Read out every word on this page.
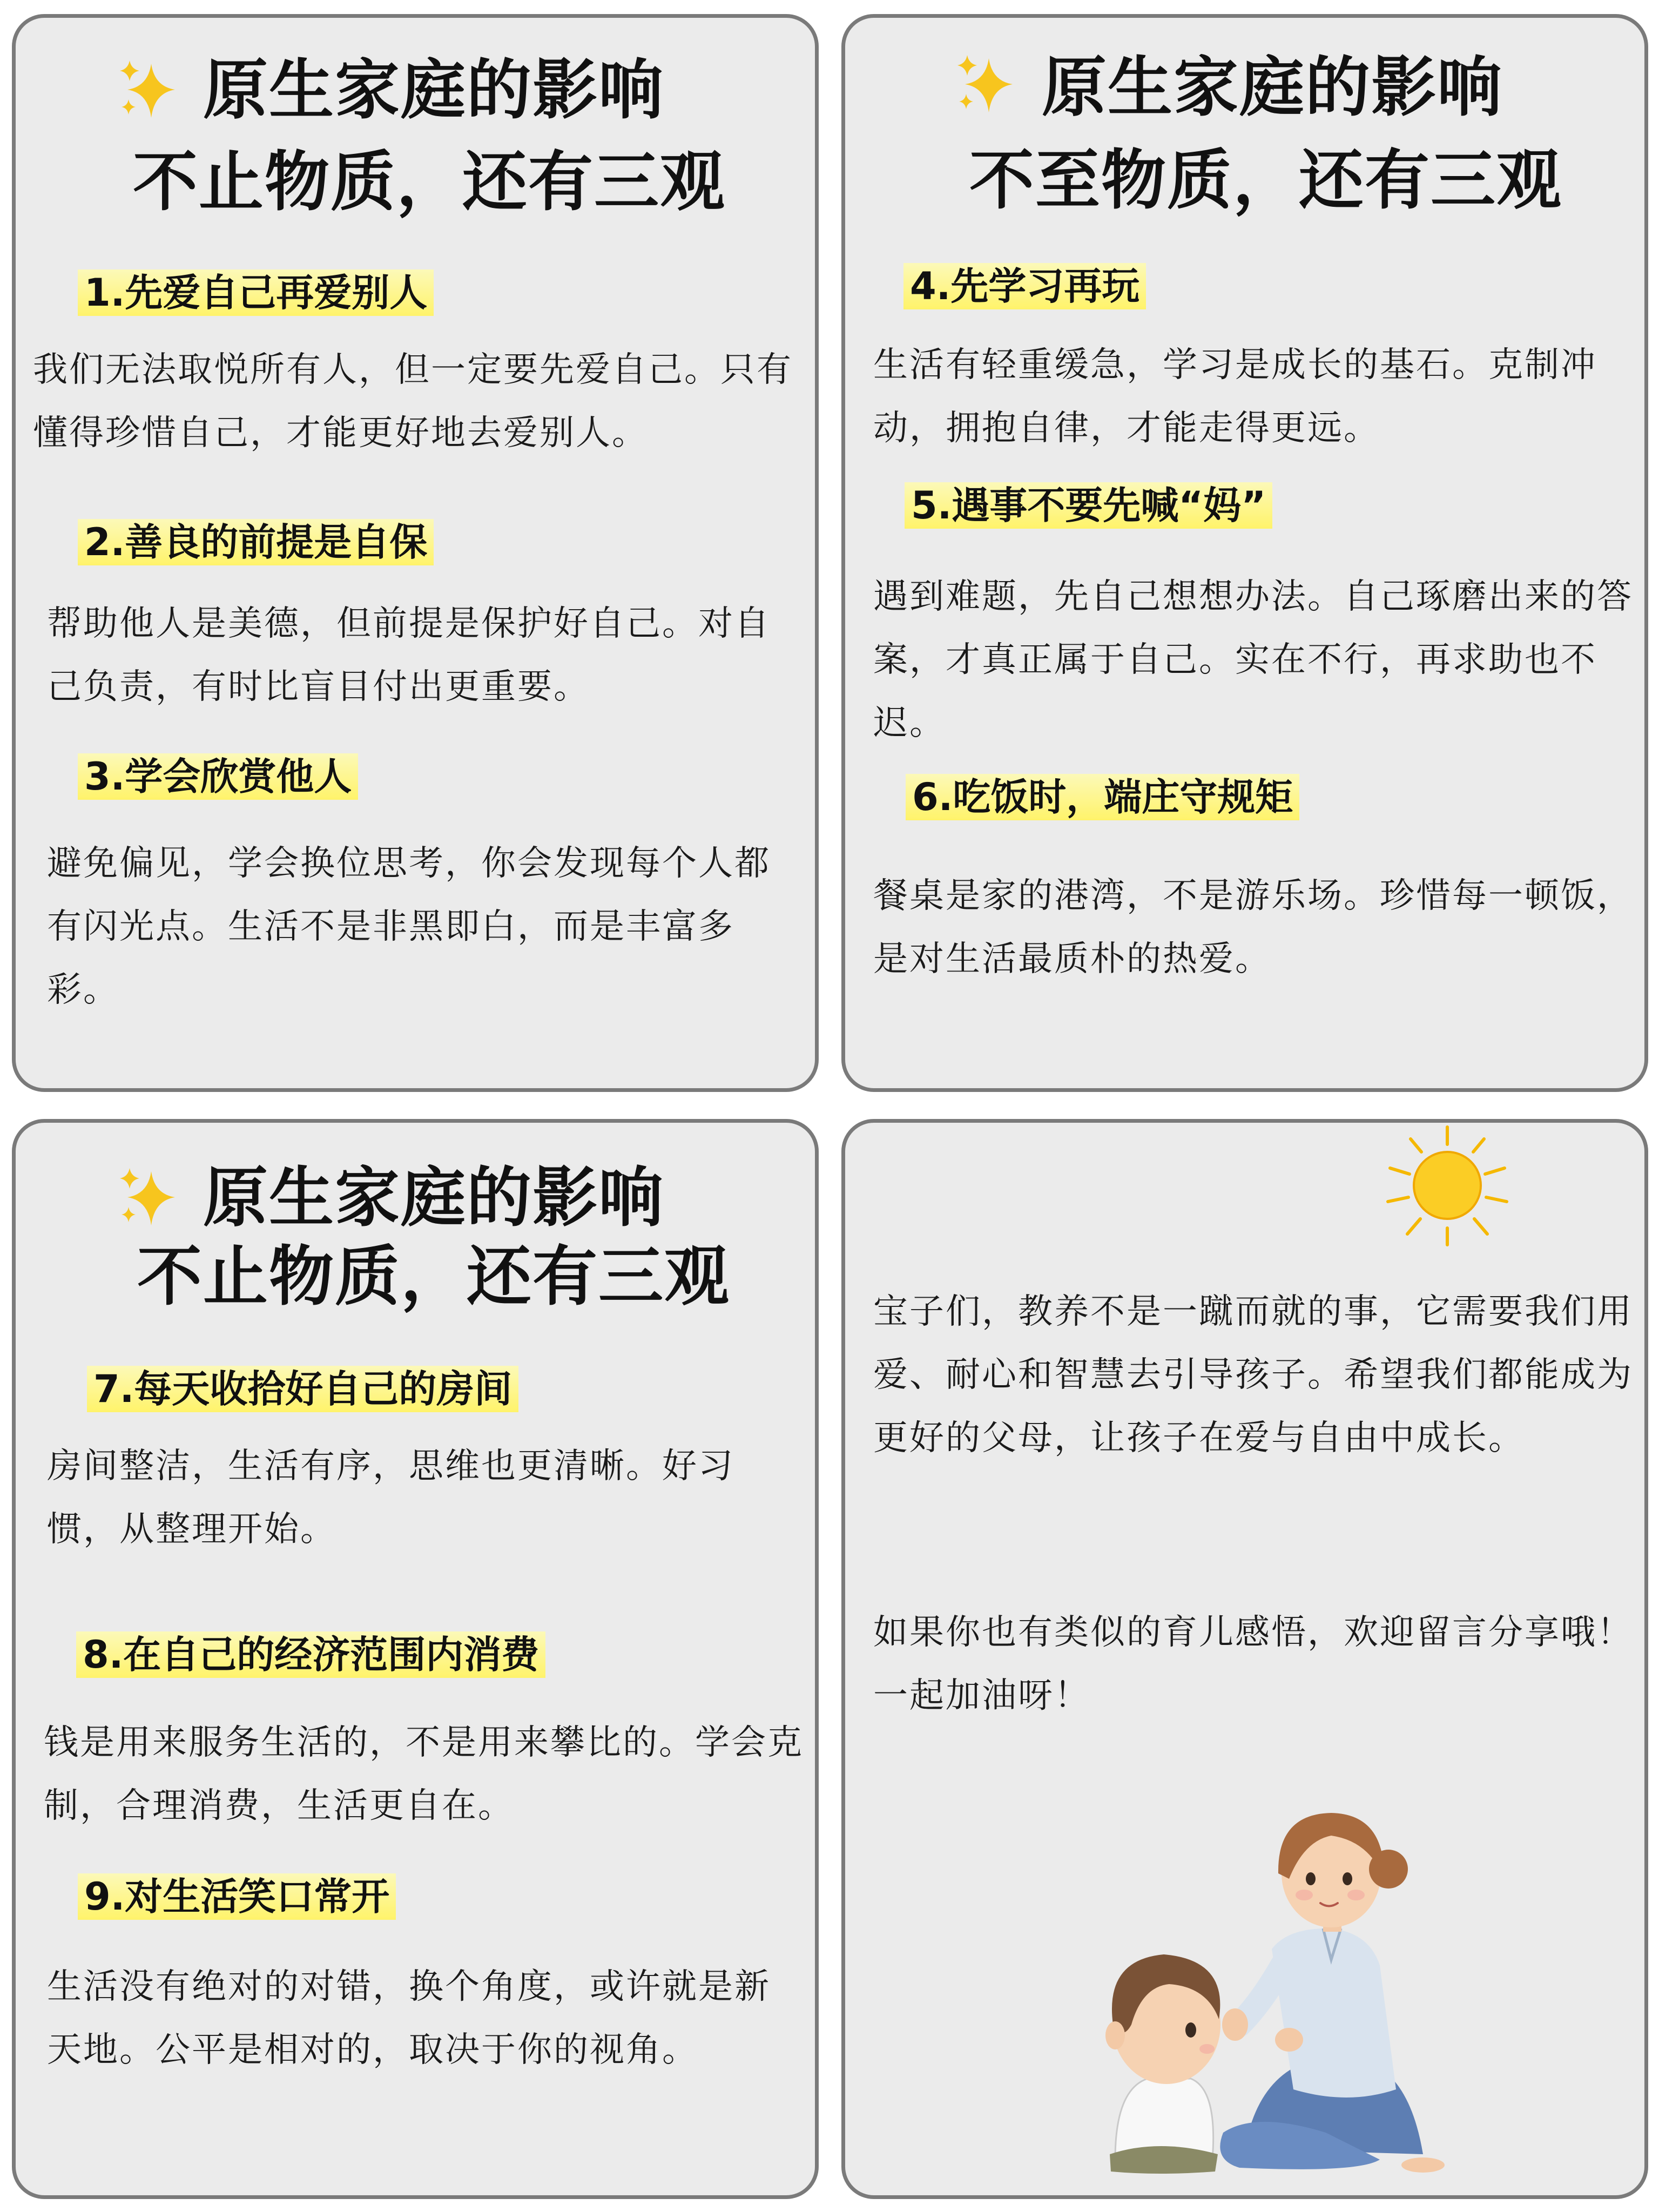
原生家庭的影响
不止物质，还有三观
1.先爱自己再爱别人
我们无法取悦所有人，但一定要先爱自己。只有懂得珍惜自己，才能更好地去爱别人。
2.善良的前提是自保
帮助他人是美德，但前提是保护好自己。对自己负责，有时比盲目付出更重要。
3.学会欣赏他人
避免偏见，学会换位思考，你会发现每个人都有闪光点。生活不是非黑即白，而是丰富多彩。
原生家庭的影响
不至物质，还有三观
4.先学习再玩
生活有轻重缓急，学习是成长的基石。克制冲动，拥抱自律，才能走得更远。
5.遇事不要先喊“妈”
遇到难题，先自己想想办法。自己琢磨出来的答案，才真正属于自己。实在不行，再求助也不迟。
6.吃饭时，端庄守规矩
餐桌是家的港湾，不是游乐场。珍惜每一顿饭，是对生活最质朴的热爱。
原生家庭的影响
不止物质，还有三观
7.每天收拾好自己的房间
房间整洁，生活有序，思维也更清晰。好习惯，从整理开始。
8.在自己的经济范围内消费
钱是用来服务生活的，不是用来攀比的。学会克制，合理消费，生活更自在。
9.对生活笑口常开
生活没有绝对的对错，换个角度，或许就是新天地。公平是相对的，取决于你的视角。
宝子们，教养不是一蹴而就的事，它需要我们用爱、耐心和智慧去引导孩子。希望我们都能成为更好的父母，让孩子在爱与自由中成长。
如果你也有类似的育儿感悟，欢迎留言分享哦！一起加油呀！
